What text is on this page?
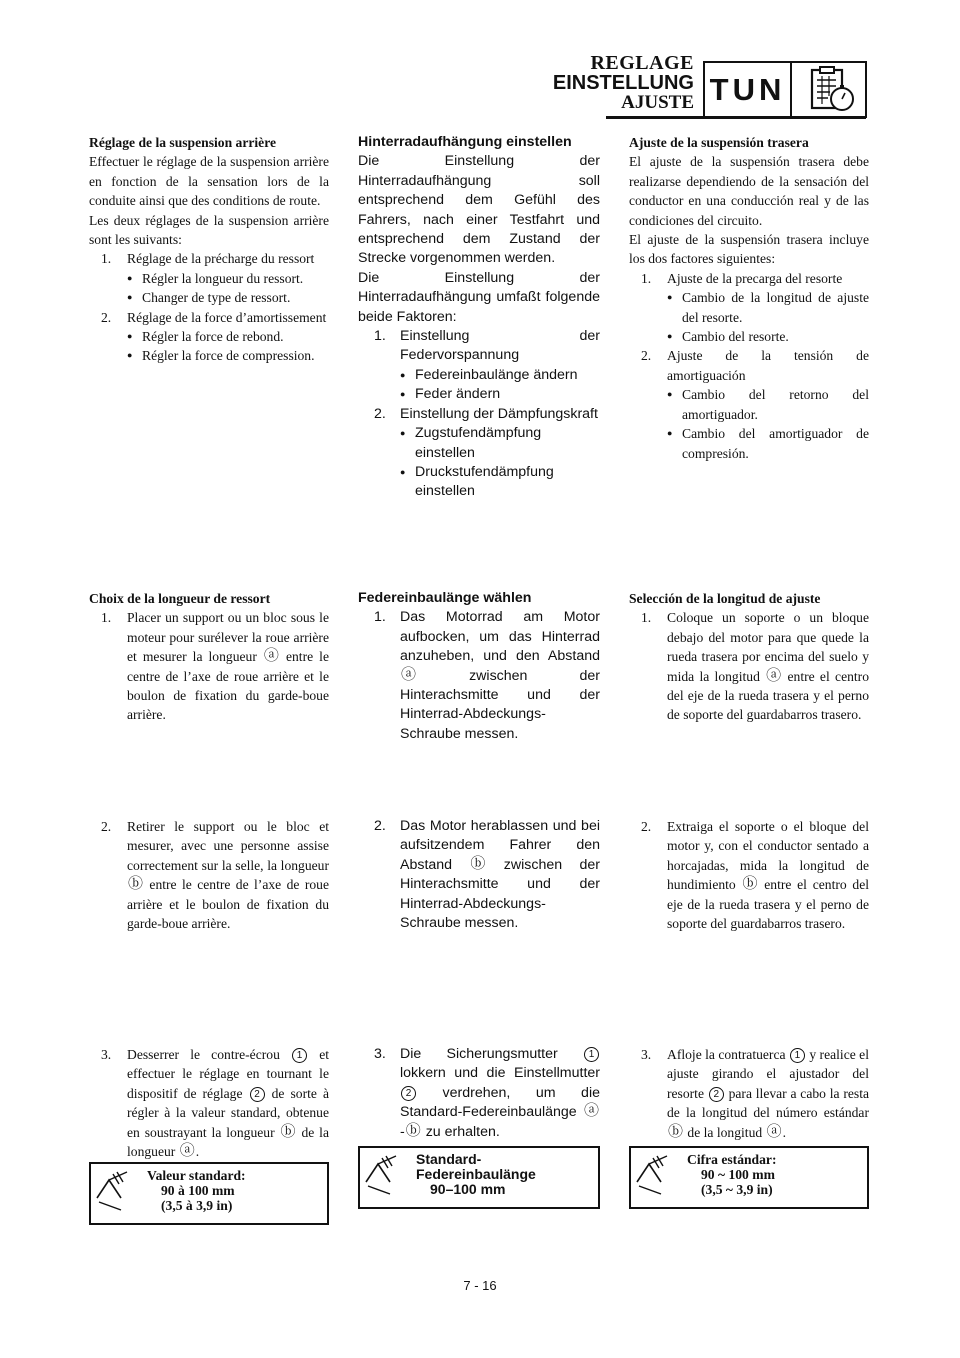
REGLAGE
EINSTELLUNG
AJUSTE TUN
Réglage de la suspension arrière
Effectuer le réglage de la suspension arrière en fonction de la sensation lors de la conduite ainsi que des conditions de route.
Les deux réglages de la suspension arrière sont les suivants:
1. Réglage de la précharge du ressort
● Régler la longueur du ressort.
● Changer de type de ressort.
2. Réglage de la force d’amortissement
● Régler la force de rebond.
● Régler la force de compression.
Hinterradaufhängung einstellen
Die Einstellung der Hinterradaufhängung soll entsprechend dem Gefühl des Fahrers, nach einer Testfahrt und entsprechend dem Zustand der Strecke vorgenommen werden.
Die Einstellung der Hinterradaufhängung umfaßt folgende beide Faktoren:
1. Einstellung der Federvorspannung
● Federeinbaulänge ändern
● Feder ändern
2. Einstellung der Dämpfungskraft
● Zugstufendämpfung einstellen
● Druckstufendämpfung einstellen
Ajuste de la suspensión trasera
El ajuste de la suspensión trasera debe realizarse dependiendo de la sensación del conductor en una conducción real y de las condiciones del circuito.
El ajuste de la suspensión trasera incluye los dos factores siguientes:
1. Ajuste de la precarga del resorte
● Cambio de la longitud de ajuste del resorte.
● Cambio del resorte.
2. Ajuste de la tensión de amortiguación
● Cambio del retorno del amortiguador.
● Cambio del amortiguador de compresión.
Choix de la longueur de ressort
1. Placer un support ou un bloc sous le moteur pour surélever la roue arrière et mesurer la longueur ⓐ entre le centre de l’axe de roue arrière et le boulon de fixation du garde-boue arrière.
Federeinbaulänge wählen
1. Das Motorrad am Motor aufbocken, um das Hinterrad anzuheben, und den Abstand ⓐ	zwischen der Hinterachsmitte und der Hinterrad-Abdeckungs-Schraube messen.
Selección de la longitud de ajuste
1. Coloque un soporte o un bloque debajo del motor para que quede la rueda trasera por encima del suelo y mida la longitud ⓐ entre el centro del eje de la rueda trasera y el perno de soporte del guardabarros trasero.
2. Retirer le support ou le bloc et mesurer, avec une personne assise correctement sur la selle, la longueur ⓑ entre le centre de l’axe de roue arrière et le boulon de fixation du garde-boue arrière.
2. Das Motor herablassen und bei aufsitzendem Fahrer den Abstand ⓑ zwischen der Hinterachsmitte und der Hinterrad-Abdeckungs-Schraube messen.
2. Extraiga el soporte o el bloque del motor y, con el conductor sentado a horcajadas, mida la longitud de hundimiento ⓑ entre el centro del eje de la rueda trasera y el perno de soporte del guardabarros trasero.
3. Desserrer le contre-écrou 1 et effectuer le réglage en tournant le dispositif de réglage 2 de sorte à régler à la valeur standard, obtenue en soustrayant la longueur ⓑ de la longueur ⓐ.
3. Die Sicherungsmutter	1 lokkern und die Einstellmutter 2 verdrehen, um die Standard-Federeinbaulänge ⓐ-ⓑ zu erhalten.
3. Afloje la contratuerca 1 y realice el ajuste girando el ajustador del resorte 2 para llevar a cabo la resta de la longitud del número estándar ⓑ de la longitud ⓐ.
Valeur standard:
90 à 100 mm
(3,5 à 3,9 in)
Standard-Federeinbaulänge
90–100 mm
Cifra estándar:
90 ~ 100 mm
(3,5 ~ 3,9 in)
7 - 16
